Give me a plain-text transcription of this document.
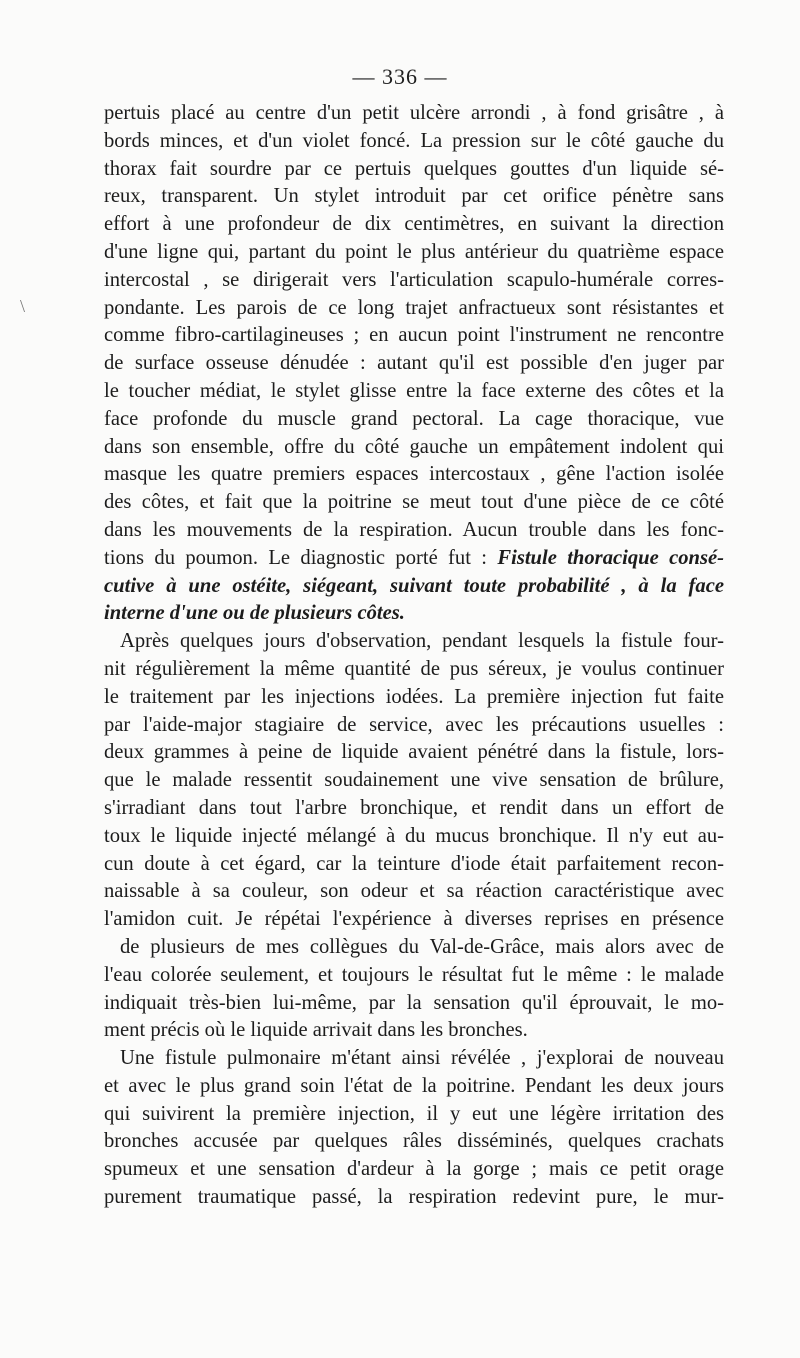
— 336 —
pertuis placé au centre d'un petit ulcère arrondi , à fond grisâtre , à
bords minces, et d'un violet foncé. La pression sur le côté gauche du
thorax fait sourdre par ce pertuis quelques gouttes d'un liquide sé-
reux, transparent. Un stylet introduit par cet orifice pénètre sans
effort à une profondeur de dix centimètres, en suivant la direction
d'une ligne qui, partant du point le plus antérieur du quatrième espace
intercostal , se dirigerait vers l'articulation scapulo-humérale corres-
pondante. Les parois de ce long trajet anfractueux sont résistantes et
comme fibro-cartilagineuses ; en aucun point l'instrument ne rencontre
de surface osseuse dénudée : autant qu'il est possible d'en juger par
le toucher médiat, le stylet glisse entre la face externe des côtes et la
face profonde du muscle grand pectoral. La cage thoracique, vue
dans son ensemble, offre du côté gauche un empâtement indolent qui
masque les quatre premiers espaces intercostaux , gêne l'action isolée
des côtes, et fait que la poitrine se meut tout d'une pièce de ce côté
dans les mouvements de la respiration. Aucun trouble dans les fonc-
tions du poumon. Le diagnostic porté fut : Fistule thoracique consé-
cutive à une ostéite, siégeant, suivant toute probabilité , à la face
interne d'une ou de plusieurs côtes.
Après quelques jours d'observation, pendant lesquels la fistule four-
nit régulièrement la même quantité de pus séreux, je voulus continuer
le traitement par les injections iodées. La première injection fut faite
par l'aide-major stagiaire de service, avec les précautions usuelles :
deux grammes à peine de liquide avaient pénétré dans la fistule, lors-
que le malade ressentit soudainement une vive sensation de brûlure,
s'irradiant dans tout l'arbre bronchique, et rendit dans un effort de
toux le liquide injecté mélangé à du mucus bronchique. Il n'y eut au-
cun doute à cet égard, car la teinture d'iode était parfaitement recon-
naissable à sa couleur, son odeur et sa réaction caractéristique avec
l'amidon cuit. Je répétai l'expérience à diverses reprises en présence
de plusieurs de mes collègues du Val-de-Grâce, mais alors avec de
l'eau colorée seulement, et toujours le résultat fut le même : le malade
indiquait très-bien lui-même, par la sensation qu'il éprouvait, le mo-
ment précis où le liquide arrivait dans les bronches.
Une fistule pulmonaire m'étant ainsi révélée , j'explorai de nouveau
et avec le plus grand soin l'état de la poitrine. Pendant les deux jours
qui suivirent la première injection, il y eut une légère irritation des
bronches accusée par quelques râles disséminés, quelques crachats
spumeux et une sensation d'ardeur à la gorge ; mais ce petit orage
purement traumatique passé, la respiration redevint pure, le mur-
\
